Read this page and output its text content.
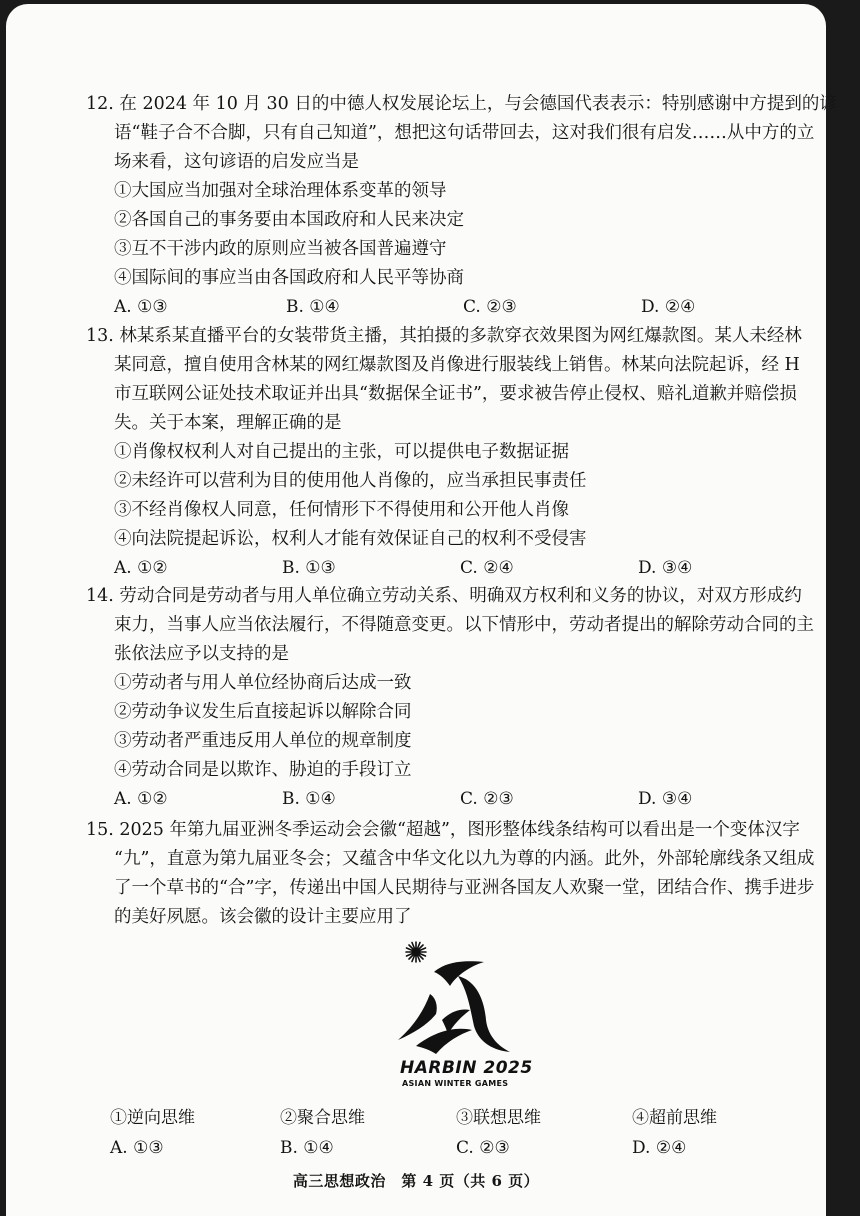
12. 在 2024 年 10 月 30 日的中德人权发展论坛上，与会德国代表表示：特别感谢中方提到的谚
语“鞋子合不合脚，只有自己知道”，想把这句话带回去，这对我们很有启发……从中方的立
场来看，这句谚语的启发应当是
①大国应当加强对全球治理体系变革的领导
②各国自己的事务要由本国政府和人民来决定
③互不干涉内政的原则应当被各国普遍遵守
④国际间的事应当由各国政府和人民平等协商
A. ①③	B. ①④	C. ②③	D. ②④
13. 林某系某直播平台的女装带货主播，其拍摄的多款穿衣效果图为网红爆款图。某人未经林
某同意，擅自使用含林某的网红爆款图及肖像进行服装线上销售。林某向法院起诉，经 H
市互联网公证处技术取证并出具“数据保全证书”，要求被告停止侵权、赔礼道歉并赔偿损
失。关于本案，理解正确的是
①肖像权权利人对自己提出的主张，可以提供电子数据证据
②未经许可以营利为目的使用他人肖像的，应当承担民事责任
③不经肖像权人同意，任何情形下不得使用和公开他人肖像
④向法院提起诉讼，权利人才能有效保证自己的权利不受侵害
A. ①②	B. ①③	C. ②④	D. ③④
14. 劳动合同是劳动者与用人单位确立劳动关系、明确双方权利和义务的协议，对双方形成约
束力，当事人应当依法履行，不得随意变更。以下情形中，劳动者提出的解除劳动合同的主
张依法应予以支持的是
①劳动者与用人单位经协商后达成一致
②劳动争议发生后直接起诉以解除合同
③劳动者严重违反用人单位的规章制度
④劳动合同是以欺诈、胁迫的手段订立
A. ①②	B. ①④	C. ②③	D. ③④
15. 2025 年第九届亚洲冬季运动会会徽“超越”，图形整体线条结构可以看出是一个变体汉字
“九”，直意为第九届亚冬会；又蕴含中华文化以九为尊的内涵。此外，外部轮廓线条又组成
了一个草书的“合”字，传递出中国人民期待与亚洲各国友人欢聚一堂，团结合作、携手进步
的美好夙愿。该会徽的设计主要应用了
HARBIN 2025
ASIAN WINTER GAMES
①逆向思维	②聚合思维	③联想思维	④超前思维
A. ①③	B. ①④	C. ②③	D. ②④
高三思想政治　第 4 页（共 6 页）
